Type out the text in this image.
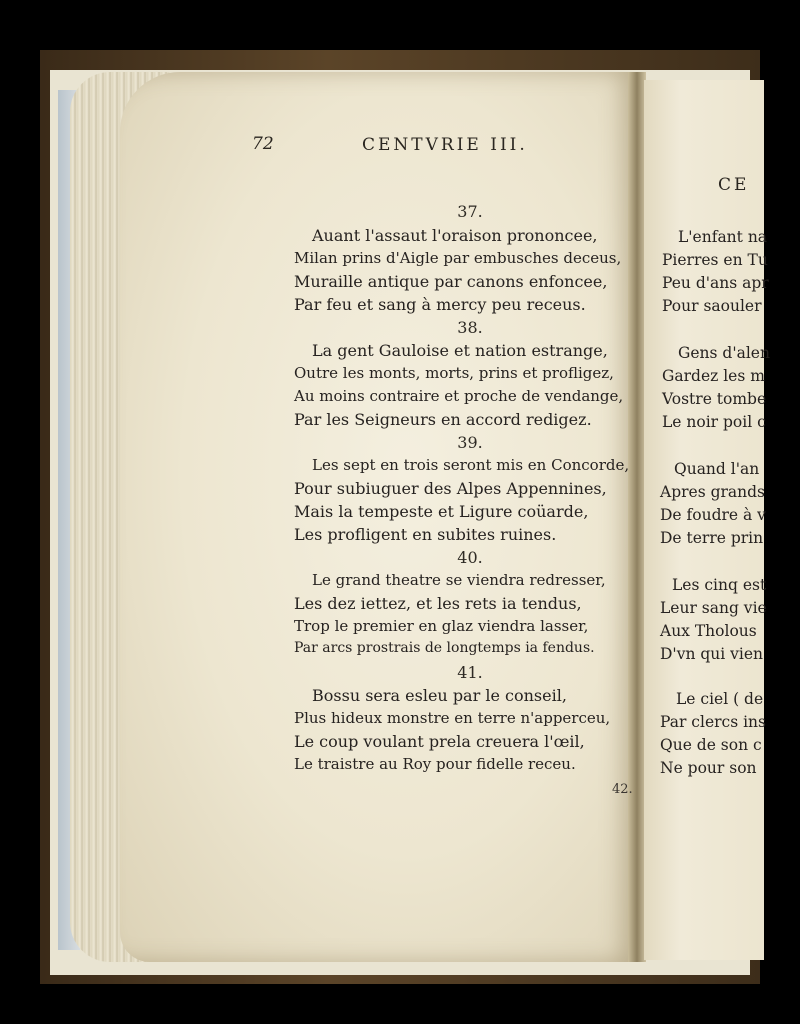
72	CENTVRIE III.
37.
Auant l'assaut l'oraison prononcee,
Milan prins d'Aigle par embusches deceus,
Muraille antique par canons enfoncee,
Par feu et sang à mercy peu receus.
38.
La gent Gauloise et nation estrange,
Outre les monts, morts, prins et profligez,
Au moins contraire et proche de vendange,
Par les Seigneurs en accord redigez.
39.
Les sept en trois seront mis en Concorde,
Pour subiuguer des Alpes Appennines,
Mais la tempeste et Ligure coüarde,
Les profligent en subites ruines.
40.
Le grand theatre se viendra redresser,
Les dez iettez, et les rets ia tendus,
Trop le premier en glaz viendra lasser,
Par arcs prostrais de longtemps ia fendus.
41.
Bossu sera esleu par le conseil,
Plus hideux monstre en terre n'apperceu,
Le coup voulant prela creuera l'œil,
Le traistre au Roy pour fidelle receu.
42.
CE
L'enfant na
Pierres en Tu
Peu d'ans apr
Pour saouler
Gens d'alen
Gardez les m
Vostre tombe
Le noir poil c
Quand l'an
Apres grands
De foudre à v
De terre prin
Les cinq est
Leur sang vie
Aux Tholous
D'vn qui vien
Le ciel ( de
Par clercs ins
Que de son c
Ne pour son
